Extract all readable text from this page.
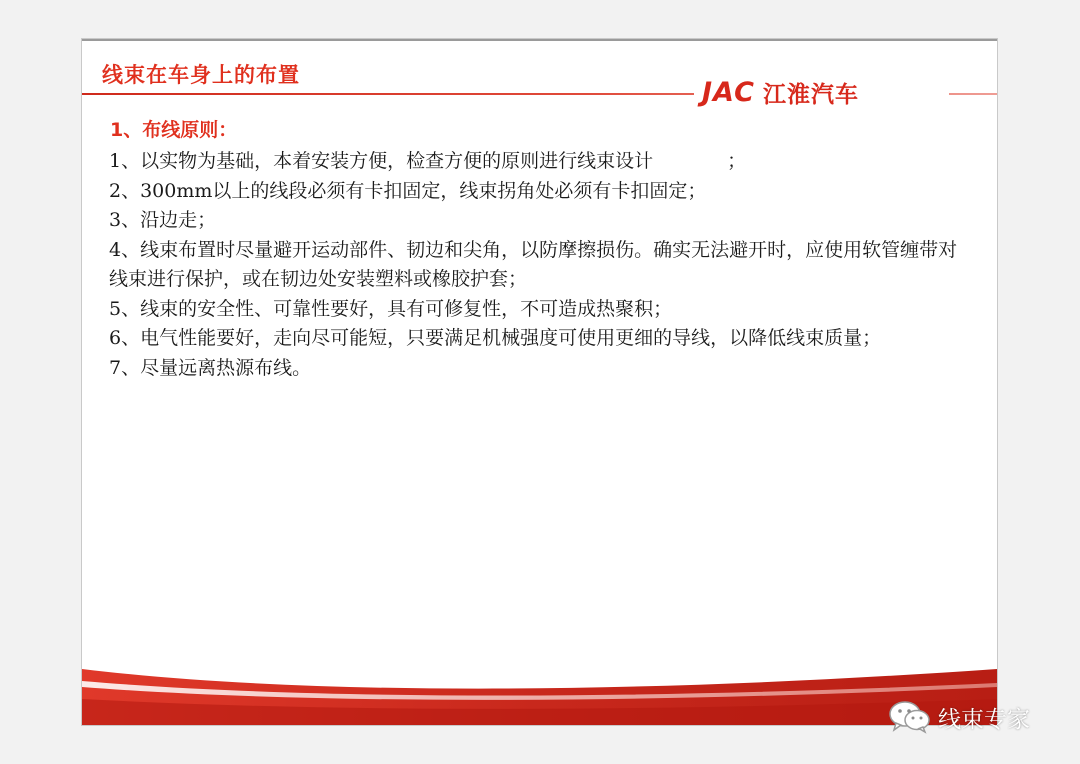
线束在车身上的布置
JAC 江淮汽车
1、布线原则：

1、以实物为基础，本着安装方便，检查方便的原则进行线束设计	；

2、300mm以上的线段必须有卡扣固定，线束拐角处必须有卡扣固定；

3、沿边走；

4、线束布置时尽量避开运动部件、韧边和尖角，以防摩擦损伤。确实无法避开时，应使用软管缠带对线束进行保护，或在韧边处安装塑料或橡胶护套；

5、线束的安全性、可靠性要好，具有可修复性，不可造成热聚积；

6、电气性能要好，走向尽可能短，只要满足机械强度可使用更细的导线，以降低线束质量；

7、尽量远离热源布线。

线束专家
